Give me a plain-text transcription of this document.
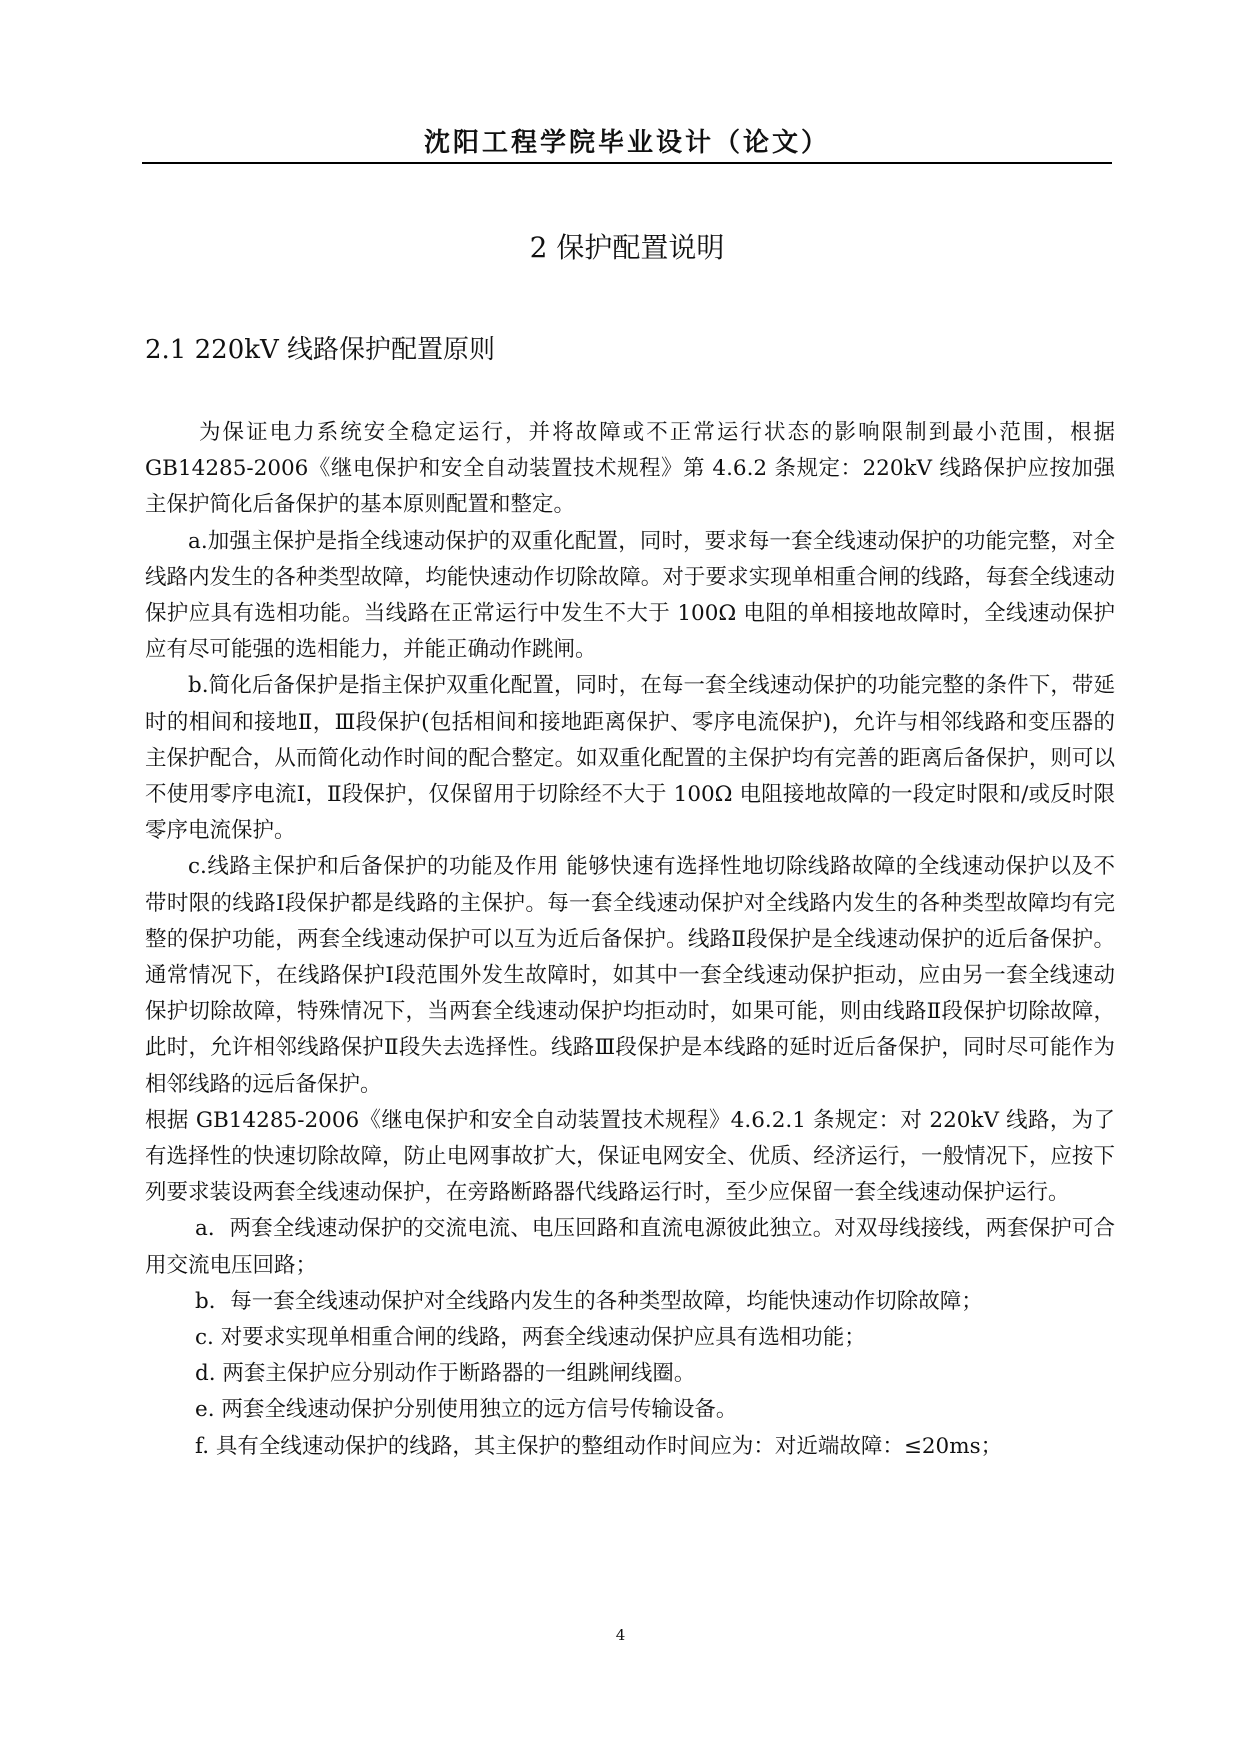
沈阳工程学院毕业设计（论文）
2 保护配置说明
2.1 220kV 线路保护配置原则

为保证电力系统安全稳定运行，并将故障或不正常运行状态的影响限制到最小范围，根据 GB14285-2006《继电保护和安全自动装置技术规程》第 4.6.2 条规定：220kV 线路保护应按加强主保护简化后备保护的基本原则配置和整定。

a.加强主保护是指全线速动保护的双重化配置，同时，要求每一套全线速动保护的功能完整，对全线路内发生的各种类型故障，均能快速动作切除故障。对于要求实现单相重合闸的线路，每套全线速动保护应具有选相功能。当线路在正常运行中发生不大于 100Ω 电阻的单相接地故障时，全线速动保护应有尽可能强的选相能力，并能正确动作跳闸。

b.简化后备保护是指主保护双重化配置，同时，在每一套全线速动保护的功能完整的条件下，带延时的相间和接地Ⅱ，Ⅲ段保护(包括相间和接地距离保护、零序电流保护)，允许与相邻线路和变压器的主保护配合，从而简化动作时间的配合整定。如双重化配置的主保护均有完善的距离后备保护，则可以不使用零序电流Ⅰ，Ⅱ段保护，仅保留用于切除经不大于 100Ω 电阻接地故障的一段定时限和/或反时限零序电流保护。

c.线路主保护和后备保护的功能及作用 能够快速有选择性地切除线路故障的全线速动保护以及不带时限的线路Ⅰ段保护都是线路的主保护。每一套全线速动保护对全线路内发生的各种类型故障均有完整的保护功能，两套全线速动保护可以互为近后备保护。线路Ⅱ段保护是全线速动保护的近后备保护。通常情况下，在线路保护Ⅰ段范围外发生故障时，如其中一套全线速动保护拒动，应由另一套全线速动保护切除故障，特殊情况下，当两套全线速动保护均拒动时，如果可能，则由线路Ⅱ段保护切除故障，此时，允许相邻线路保护Ⅱ段失去选择性。线路Ⅲ段保护是本线路的延时近后备保护，同时尽可能作为相邻线路的远后备保护。

根据 GB14285-2006《继电保护和安全自动装置技术规程》4.6.2.1 条规定：对 220kV 线路，为了有选择性的快速切除故障，防止电网事故扩大，保证电网安全、优质、经济运行，一般情况下，应按下列要求装设两套全线速动保护，在旁路断路器代线路运行时，至少应保留一套全线速动保护运行。

a．两套全线速动保护的交流电流、电压回路和直流电源彼此独立。对双母线接线，两套保护可合用交流电压回路；

b．每一套全线速动保护对全线路内发生的各种类型故障，均能快速动作切除故障；

c. 对要求实现单相重合闸的线路，两套全线速动保护应具有选相功能；

d. 两套主保护应分别动作于断路器的一组跳闸线圈。

e. 两套全线速动保护分别使用独立的远方信号传输设备。

f. 具有全线速动保护的线路，其主保护的整组动作时间应为：对近端故障：≤20ms；

4
